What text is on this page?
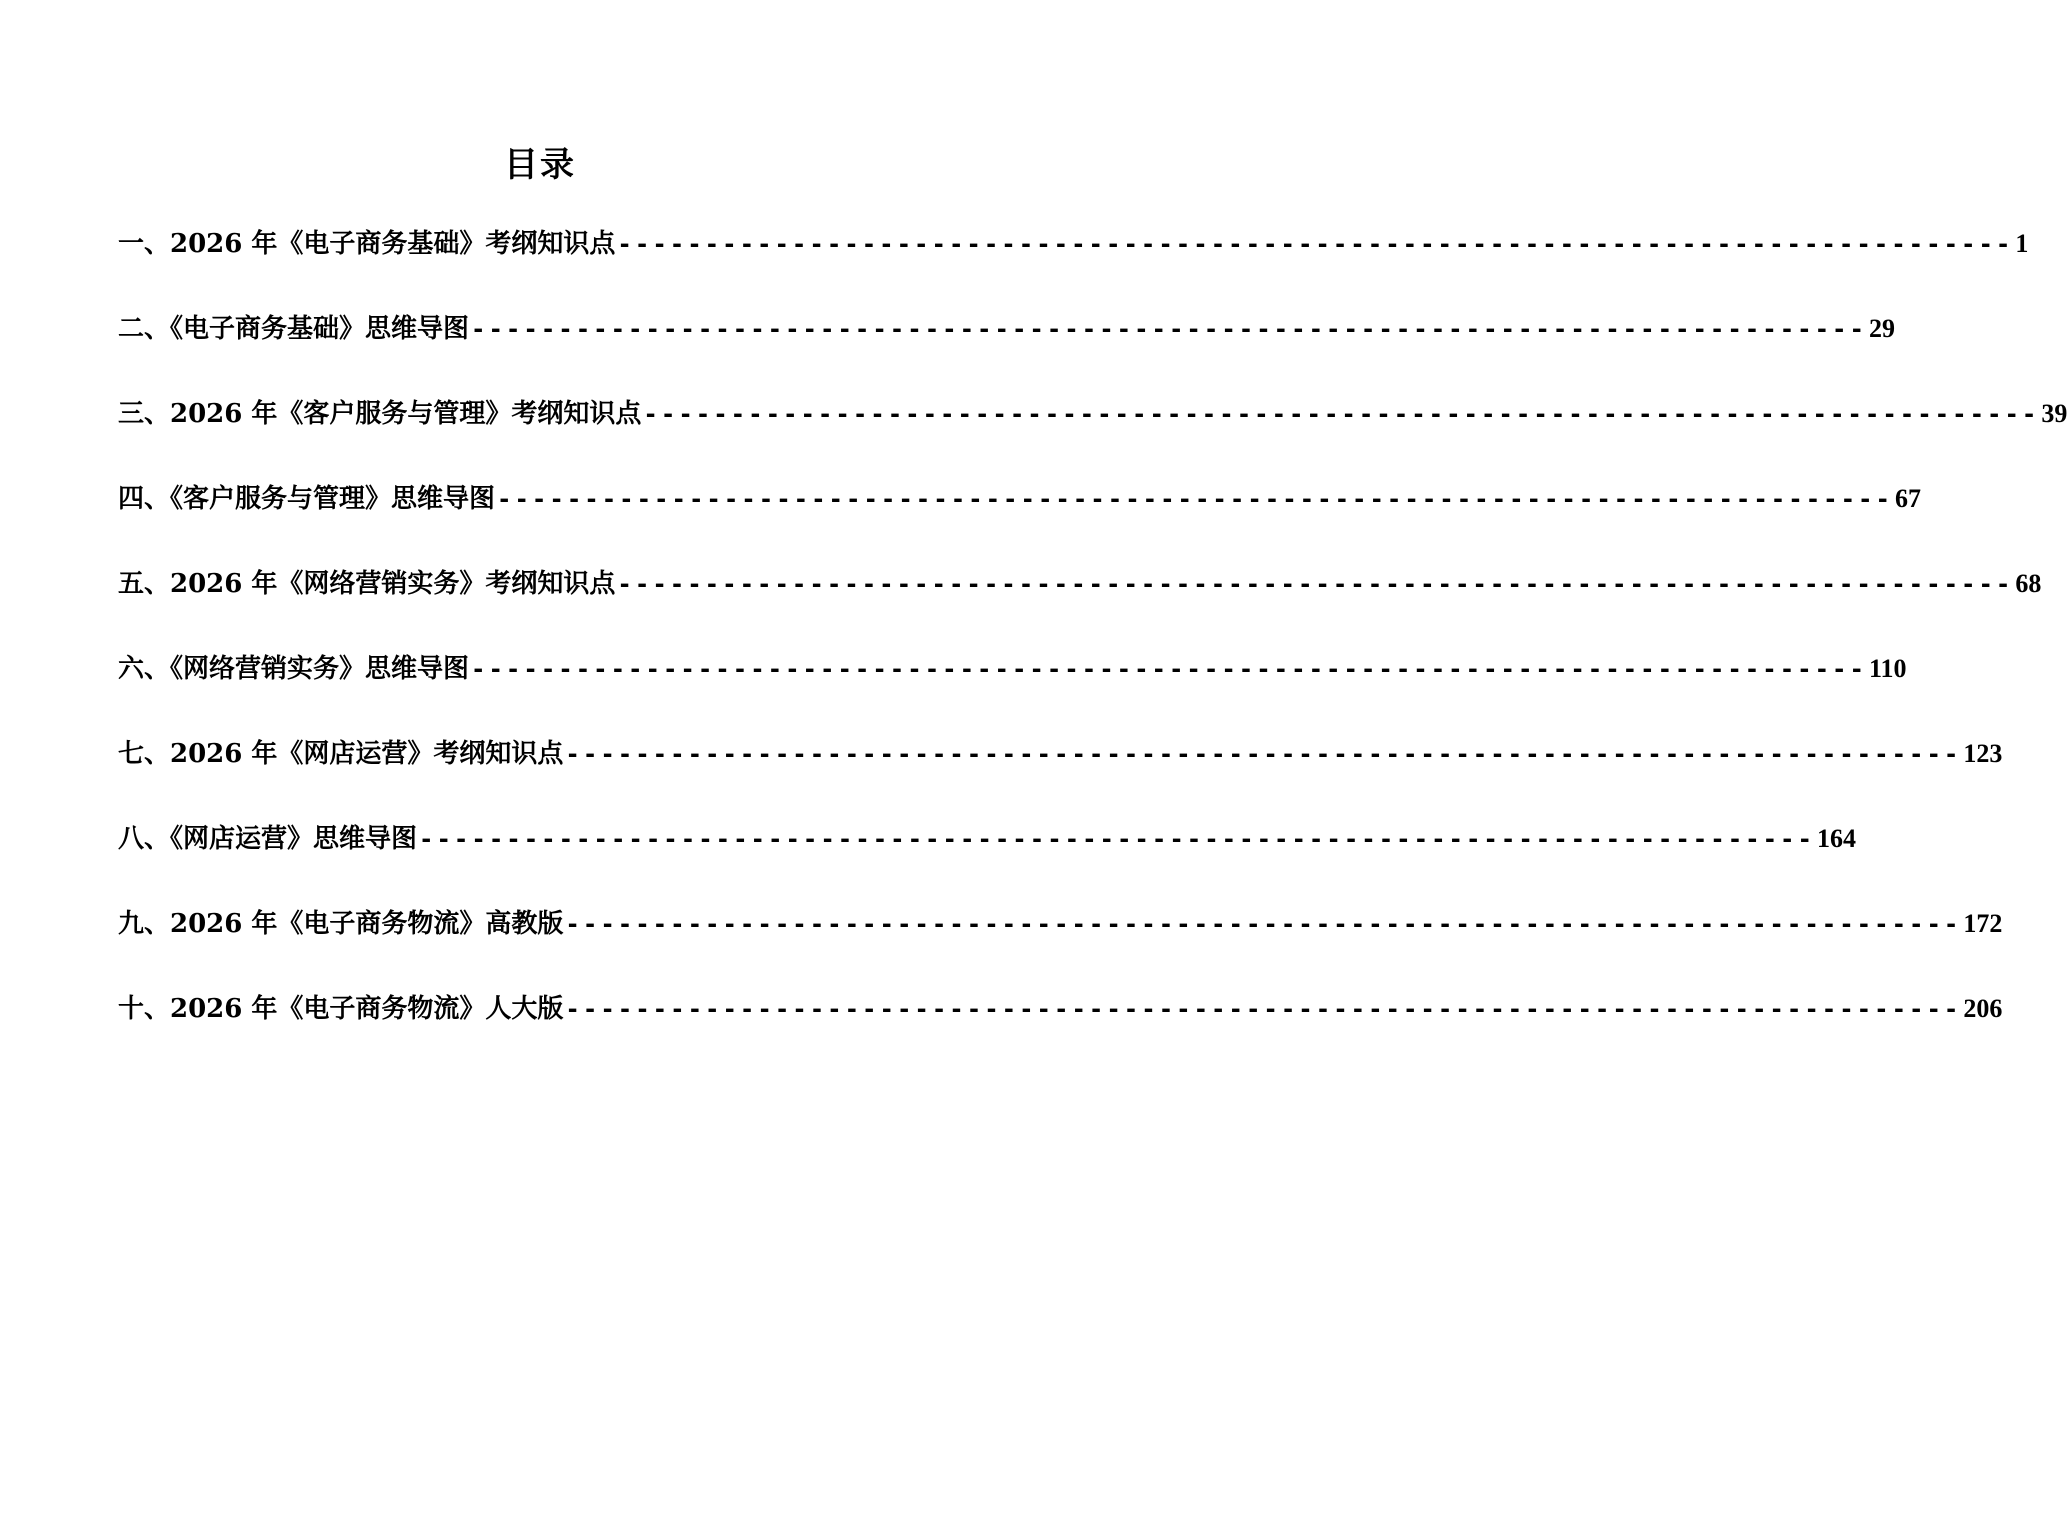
目录
一、2026 年《电子商务基础》考纲知识点 -------------------------------------------------------------------------------- 1
二、《电子商务基础》思维导图 -------------------------------------------------------------------------------- 29
三、2026 年《客户服务与管理》考纲知识点 -------------------------------------------------------------------------------- 39
四、《客户服务与管理》思维导图 -------------------------------------------------------------------------------- 67
五、2026 年《网络营销实务》考纲知识点 -------------------------------------------------------------------------------- 68
六、《网络营销实务》思维导图 -------------------------------------------------------------------------------- 110
七、2026 年《网店运营》考纲知识点 -------------------------------------------------------------------------------- 123
八、《网店运营》思维导图 -------------------------------------------------------------------------------- 164
九、2026 年《电子商务物流》高教版 -------------------------------------------------------------------------------- 172
十、2026 年《电子商务物流》人大版 -------------------------------------------------------------------------------- 206
